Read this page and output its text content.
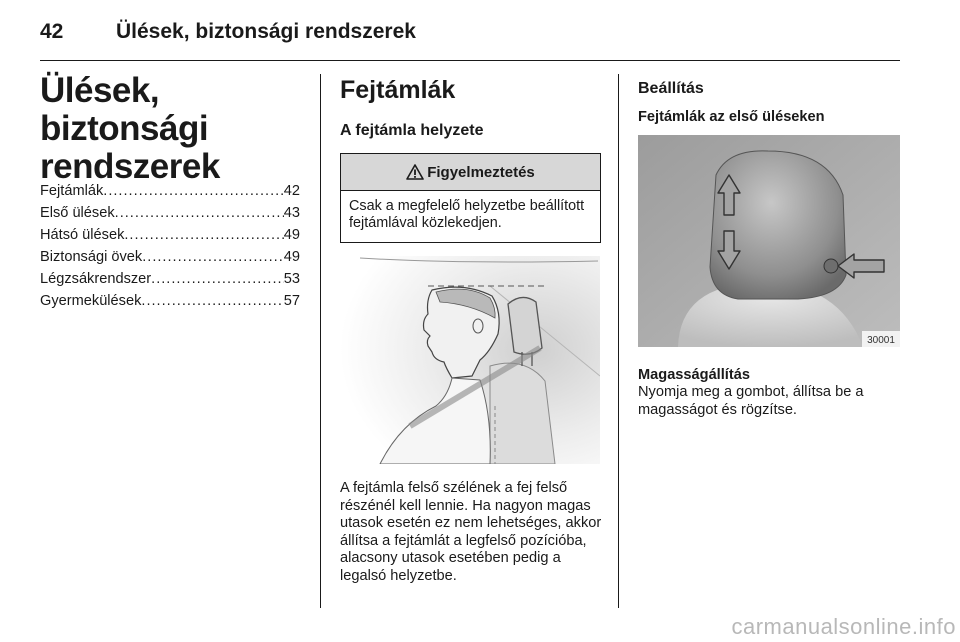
42	Ülések, biztonsági rendszerek
Ülések, biztonsági rendszerek
Fejtámlák .....	42
Első ülések .....	43
Hátsó ülések .....	49
Biztonsági övek .....	49
Légzsákrendszer .....	53
Gyermekülések .....	57
Fejtámlák
A fejtámla helyzete
Figyelmeztetés
Csak a megfelelő helyzetbe beállított fejtámlával közlekedjen.
A fejtámla felső szélének a fej felső részénél kell lennie. Ha nagyon magas utasok esetén ez nem lehetséges, akkor állítsa a fejtámlát a legfelső pozícióba, alacsony utasok esetében pedig a legalsó helyzetbe.
Beállítás
Fejtámlák az első üléseken
30001
Magasságállítás
Nyomja meg a gombot, állítsa be a magasságot és rögzítse.
carmanualsonline.info
